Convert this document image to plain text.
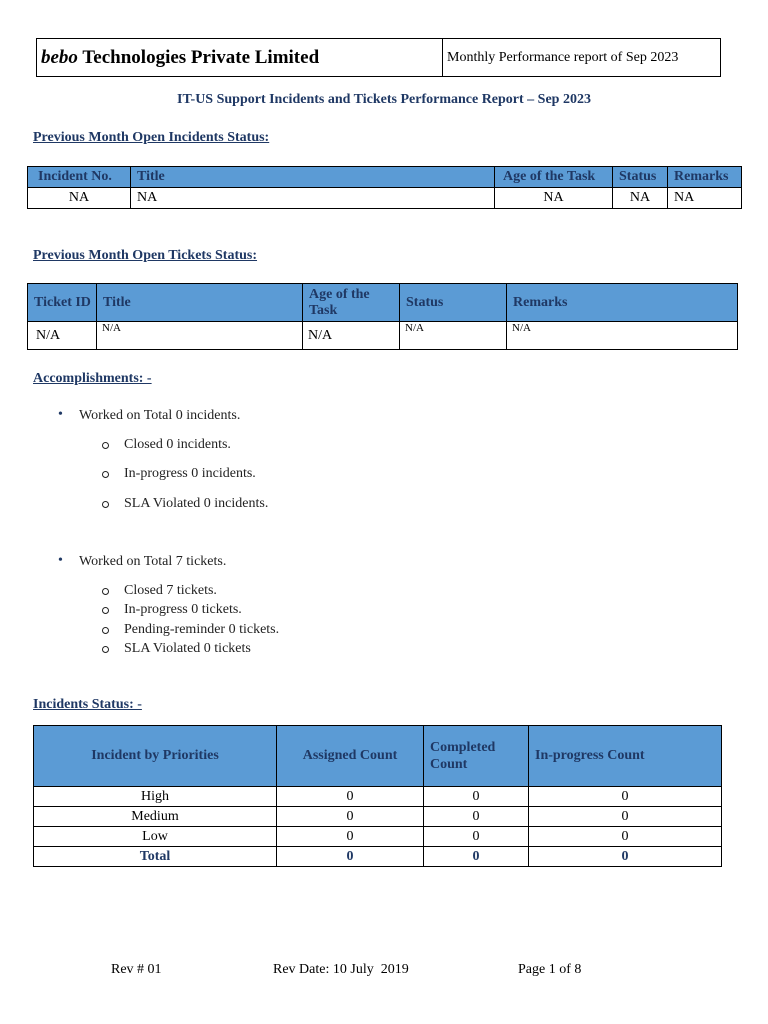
bebo Technologies Private Limited	Monthly Performance report of Sep 2023
IT-US Support Incidents and Tickets Performance Report – Sep 2023
Previous Month Open Incidents Status:
Incident No.	Title	Age of the Task	Status	Remarks
NA	NA	NA	NA	NA
Previous Month Open Tickets Status:
Ticket ID	Title	Age of the Task	Status	Remarks
N/A	N/A	N/A	N/A	N/A
Accomplishments: -
• Worked on Total 0 incidents.
Closed 0 incidents.
In-progress 0 incidents.
SLA Violated 0 incidents.
• Worked on Total 7 tickets.
Closed 7 tickets.
In-progress 0 tickets.
Pending-reminder 0 tickets.
SLA Violated 0 tickets
Incidents Status: -
Incident by Priorities	Assigned Count	Completed Count	In-progress Count
High	0	0	0
Medium	0	0	0
Low	0	0	0
Total	0	0	0
Rev # 01	Rev Date: 10 July  2019	Page 1 of 8
